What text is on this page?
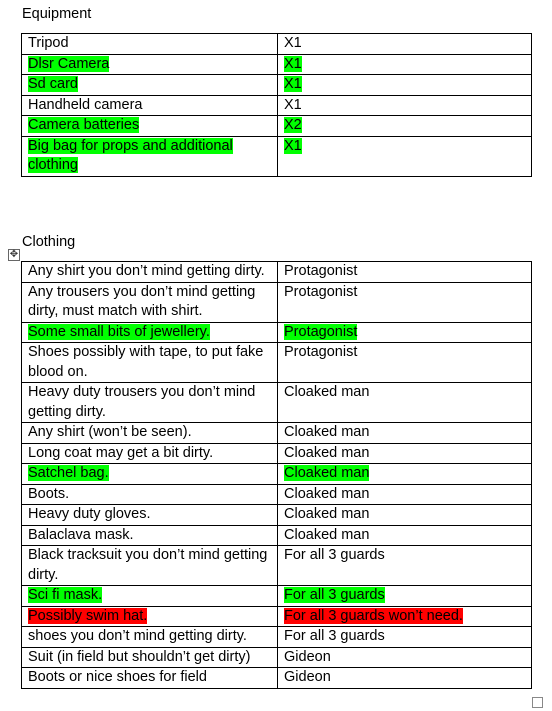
Equipment
Tripod	X1
Dlsr Camera	X1
Sd card	X1
Handheld camera	X1
Camera batteries	X2
Big bag for props and additional clothing	X1
Clothing
✥
Any shirt you don’t mind getting dirty.	Protagonist
Any trousers you don’t mind getting dirty, must match with shirt.	Protagonist
Some small bits of jewellery.	Protagonist
Shoes possibly with tape, to put fake blood on.	Protagonist
Heavy duty trousers you don’t mind getting dirty.	Cloaked man
Any shirt (won’t be seen).	Cloaked man
Long coat may get a bit dirty.	Cloaked man
Satchel bag.	Cloaked man
Boots.	Cloaked man
Heavy duty gloves.	Cloaked man
Balaclava mask.	Cloaked man
Black tracksuit you don’t mind getting dirty.	For all 3 guards
Sci fi mask.	For all 3 guards
Possibly swim hat.	For all 3 guards won’t need.
shoes you don’t mind getting dirty.	For all 3 guards
Suit (in field but shouldn’t get dirty)	Gideon
Boots or nice shoes for field	Gideon
